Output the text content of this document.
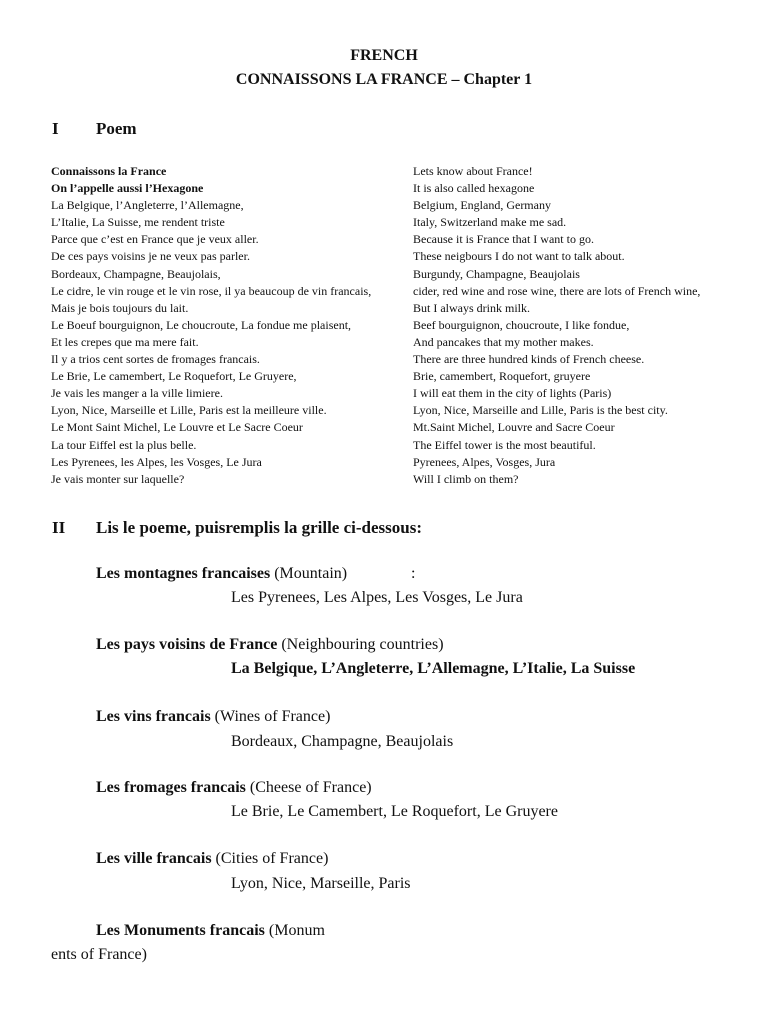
FRENCH
CONNAISSONS LA FRANCE – Chapter 1
I Poem
Connaissons la France
On l’appelle aussi l’Hexagone
La Belgique, l’Angleterre, l’Allemagne,
L’Italie, La Suisse, me rendent triste
Parce que c’est en France que je veux aller.
De ces pays voisins je ne veux pas parler.
Bordeaux, Champagne, Beaujolais,
Le cidre, le vin rouge et le vin rose, il ya beaucoup de vin francais,
Mais je bois toujours du lait.
Le Boeuf bourguignon, Le choucroute, La fondue me plaisent,
Et les crepes que ma mere fait.
Il y a trios cent sortes de fromages francais.
Le Brie, Le camembert, Le Roquefort, Le Gruyere,
Je vais les manger a la ville limiere.
Lyon, Nice, Marseille et Lille, Paris est la meilleure ville.
Le Mont Saint Michel, Le Louvre et Le Sacre Coeur
La tour Eiffel est la plus belle.
Les Pyrenees, les Alpes, les Vosges, Le Jura
Je vais monter sur laquelle?
Lets know about France!
It is also called hexagone
Belgium, England, Germany
Italy, Switzerland make me sad.
Because it is France that I want to go.
These neigbours I do not want to talk about.
Burgundy, Champagne, Beaujolais
cider, red wine and rose wine, there are lots of French wine,
But I always drink milk.
Beef bourguignon, choucroute, I like fondue,
And pancakes that my mother makes.
There are three hundred kinds of French cheese.
Brie, camembert, Roquefort, gruyere
I will eat them in the city of lights (Paris)
Lyon, Nice, Marseille and Lille, Paris is the best city.
Mt.Saint Michel, Louvre and Sacre Coeur
The Eiffel tower is the most beautiful.
Pyrenees, Alpes, Vosges, Jura
Will I climb on them?
II Lis le poeme, puisremplis la grille ci-dessous:
Les montagnes francaises (Mountain)	:
Les Pyrenees, Les Alpes, Les Vosges, Le Jura
Les pays voisins de France (Neighbouring countries)
La Belgique, L’Angleterre, L’Allemagne, L’Italie, La Suisse
Les vins francais (Wines of France)
Bordeaux, Champagne, Beaujolais
Les fromages francais (Cheese of France)
Le Brie, Le Camembert, Le Roquefort, Le Gruyere
Les ville francais (Cities of France)
Lyon, Nice, Marseille, Paris
Les Monuments francais (Monum
ents of France)
